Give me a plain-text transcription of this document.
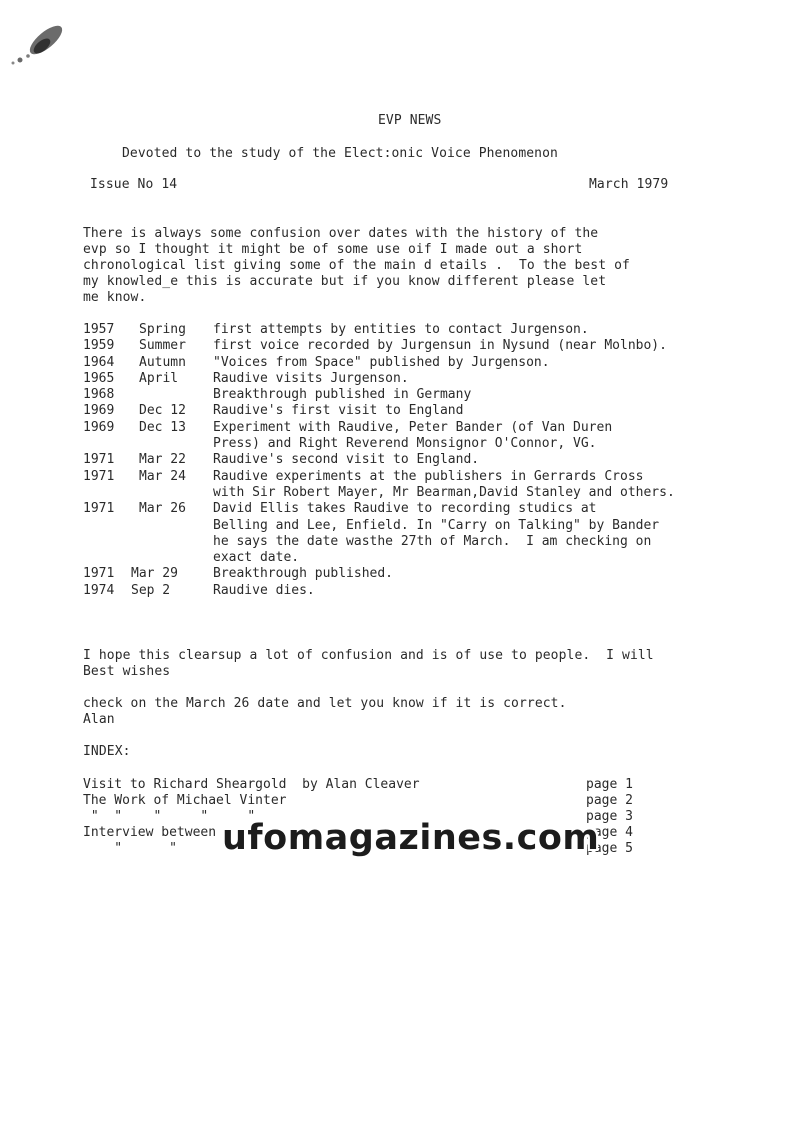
EVP NEWS
Devoted to the study of the Elect:onic Voice Phenomenon
Issue No 14	March 1979

There is always some confusion over dates with the history of the

evp so I thought it might be of some use oif I made out a short

chronological list giving some of the main d etails .  To the best of

my knowled_e this is accurate but if you know different please let

me know.

1957 Spring first attempts by entities to contact Jurgenson.
1959 Summer first voice recorded by Jurgensun in Nysund (near Molnbo).
1964 Autumn "Voices from Space" published by Jurgenson.
1965 April	Raudive visits Jurgenson.
1968	Breakthrough published in Germany
1969 Dec 12 Raudive's first visit to England
1969 Dec 13 Experiment with Raudive, Peter Bander (of Van Duren
Press) and Right Reverend Monsignor O'Connor, VG.
1971 Mar 22 Raudive's second visit to England.
1971 Mar 24 Raudive experiments at the publishers in Gerrards Cross
with Sir Robert Mayer, Mr Bearman,David Stanley and others.
1971 Mar 26 David Ellis takes Raudive to recording studics at
Belling and Lee, Enfield. In "Carry on Talking" by Bander
he says the date wasthe 27th of March.  I am checking on
exact date.
1971 Mar 29	Breakthrough published.
1974 Sep 2	Raudive dies.

I hope this clearsup a lot of confusion and is of use to people.  I will

check on the March 26 date and let you know if it is correct.

Best wishes
Alan
INDEX:
Visit to Richard Sheargold  by Alan Cleaver	page 1
The Work of Michael Vinter	page 2
"  "    "     "     "	page 3
Interview between	page 4
"      "	page 5
ufomagazines.com
